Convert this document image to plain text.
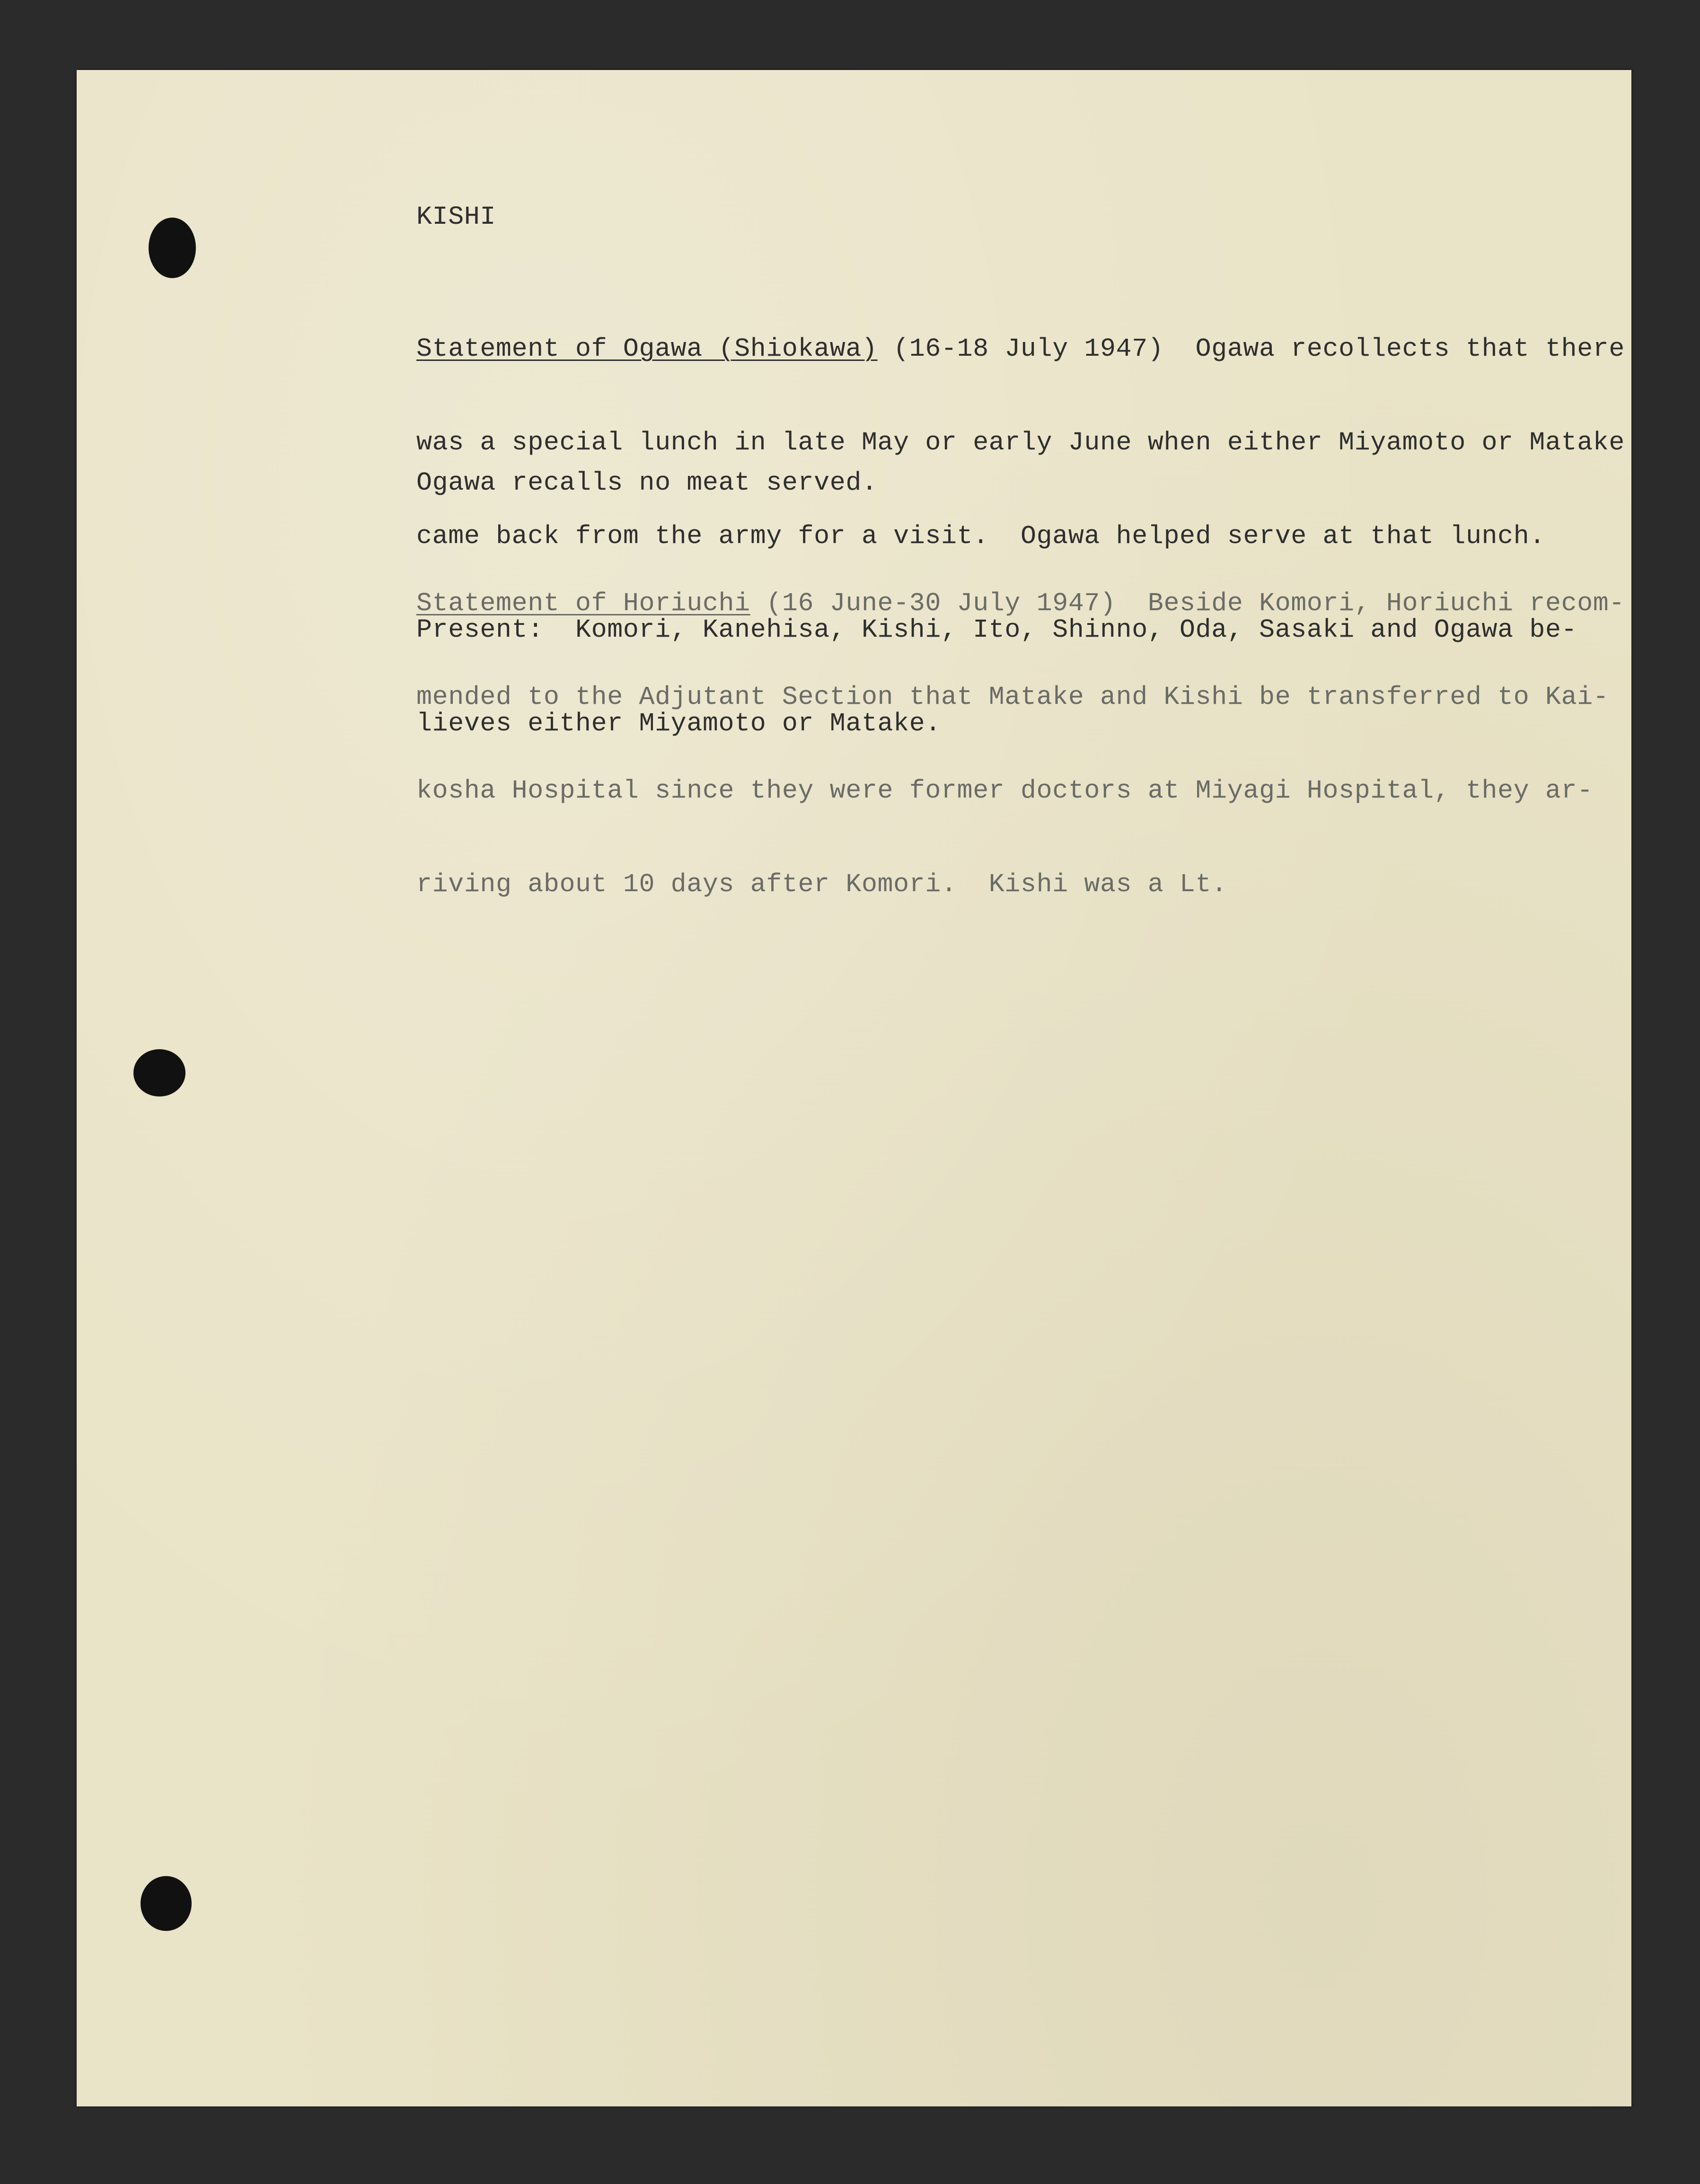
KISHI

Statement of Ogawa (Shiokawa) (16-18 July 1947)  Ogawa recollects that there

was a special lunch in late May or early June when either Miyamoto or Matake

came back from the army for a visit.  Ogawa helped serve at that lunch.

Present:  Komori, Kanehisa, Kishi, Ito, Shinno, Oda, Sasaki and Ogawa be-

lieves either Miyamoto or Matake.

Ogawa recalls no meat served.

Statement of Horiuchi (16 June-30 July 1947)  Beside Komori, Horiuchi recom-

mended to the Adjutant Section that Matake and Kishi be transferred to Kai-

kosha Hospital since they were former doctors at Miyagi Hospital, they ar-

riving about 10 days after Komori.  Kishi was a Lt.
